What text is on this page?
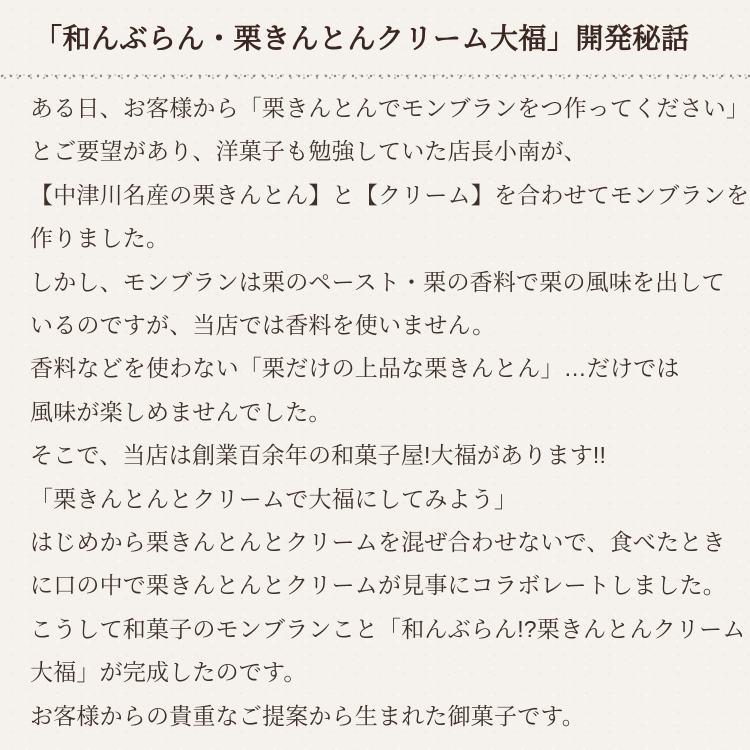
「和んぶらん・栗きんとんクリーム大福」開発秘話
ある日、お客様から「栗きんとんでモンブランをつ作ってください」
とご要望があり、洋菓子も勉強していた店長小南が、
【中津川名産の栗きんとん】と【クリーム】を合わせてモンブランを
作りました。
しかし、モンブランは栗のペースト・栗の香料で栗の風味を出して
いるのですが、当店では香料を使いません。
香料などを使わない「栗だけの上品な栗きんとん」…だけでは
風味が楽しめませんでした。
そこで、当店は創業百余年の和菓子屋!大福があります!!
「栗きんとんとクリームで大福にしてみよう」
はじめから栗きんとんとクリームを混ぜ合わせないで、食べたとき
に口の中で栗きんとんとクリームが見事にコラボレートしました。
こうして和菓子のモンブランこと「和んぶらん!?栗きんとんクリーム
大福」が完成したのです。
お客様からの貴重なご提案から生まれた御菓子です。
